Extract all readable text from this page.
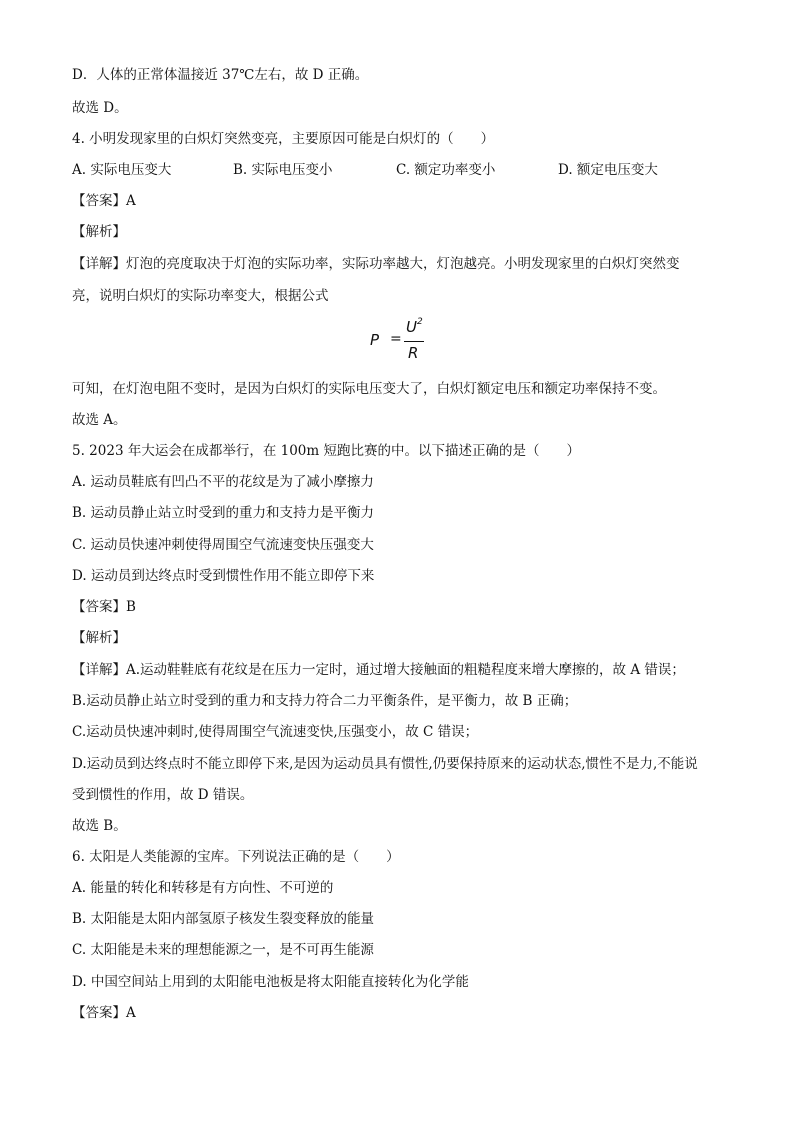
D．人体的正常体温接近 37℃左右，故 D 正确。
故选 D。
4. 小明发现家里的白炽灯突然变亮，主要原因可能是白炽灯的（　　）
A. 实际电压变大	B. 实际电压变小	C. 额定功率变小	D. 额定电压变大
【答案】A
【解析】
【详解】灯泡的亮度取决于灯泡的实际功率，实际功率越大，灯泡越亮。小明发现家里的白炽灯突然变
亮，说明白炽灯的实际功率变大，根据公式
P =
$U^2$
R
可知，在灯泡电阻不变时，是因为白炽灯的实际电压变大了，白炽灯额定电压和额定功率保持不变。
故选 A。
5. 2023 年大运会在成都举行，在 100m 短跑比赛的中。以下描述正确的是（　　）
A. 运动员鞋底有凹凸不平的花纹是为了减小摩擦力
B. 运动员静止站立时受到的重力和支持力是平衡力
C. 运动员快速冲刺使得周围空气流速变快压强变大
D. 运动员到达终点时受到惯性作用不能立即停下来
【答案】B
【解析】
【详解】A.运动鞋鞋底有花纹是在压力一定时，通过增大接触面的粗糙程度来增大摩擦的，故 A 错误；
B.运动员静止站立时受到的重力和支持力符合二力平衡条件，是平衡力，故 B 正确；
C.运动员快速冲刺时,使得周围空气流速变快,压强变小，故 C 错误；
D.运动员到达终点时不能立即停下来,是因为运动员具有惯性,仍要保持原来的运动状态,惯性不是力,不能说
受到惯性的作用，故 D 错误。
故选 B。
6. 太阳是人类能源的宝库。下列说法正确的是（　　）
A. 能量的转化和转移是有方向性、不可逆的
B. 太阳能是太阳内部氢原子核发生裂变释放的能量
C. 太阳能是未来的理想能源之一，是不可再生能源
D. 中国空间站上用到的太阳能电池板是将太阳能直接转化为化学能
【答案】A
